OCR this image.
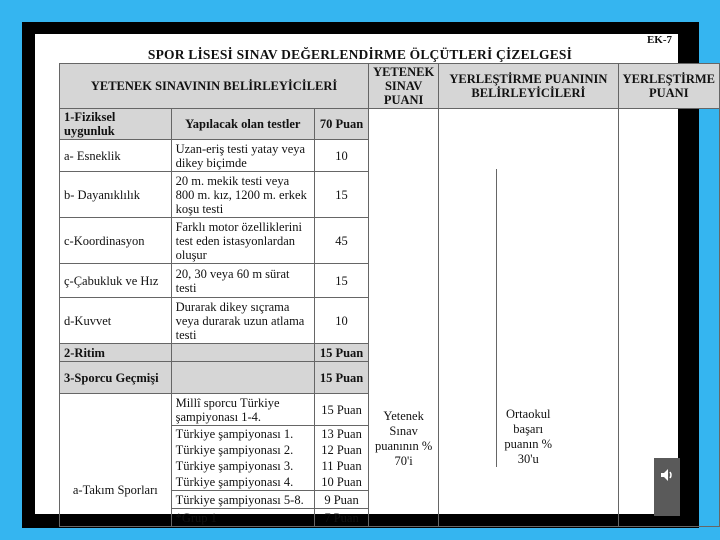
SPOR LİSESİ SINAV DEĞERLENDİRME ÖLÇÜTLERİ ÇİZELGESİ
EK-7
YETENEK SINAVININ BELİRLEYİCİLERİ			YETENEK SINAV PUANI	YERLEŞTİRME PUANININ BELİRLEYİCİLERİ	YERLEŞTİRME PUANI
1-Fiziksel uygunluk	Yapılacak olan testler	70 Puan	Yetenek Sınav puanının % 70'i	Ortaokul başarı puanın % 30'u	

a- Esneklik	Uzan-eriş testi yatay veya dikey biçimde	10			
b- Dayanıklılık	20 m. mekik testi veya 800 m. kız, 1200 m. erkek koşu testi	15			
c-Koordinasyon	Farklı motor özelliklerini test eden istasyonlardan oluşur	45			
ç-Çabukluk ve Hız	20, 30 veya 60 m sürat testi	15			
d-Kuvvet	Durarak dikey sıçrama veya durarak uzun atlama testi	10			
2-Ritim		15 Puan			
3-Sporcu Geçmişi		15 Puan			

a-Takım Sporları	Millî sporcu Türkiye şampiyonası 1-4.	15 Puan			
	Türkiye şampiyonası 1.	13 Puan			
	Türkiye şampiyonası 2.	12 Puan			
	Türkiye şampiyonası 3.	11 Puan			
	Türkiye şampiyonası 4.	10 Puan			
	Türkiye şampiyonası 5-8.	9 Puan			
	*Grup 1	7 Puan			
